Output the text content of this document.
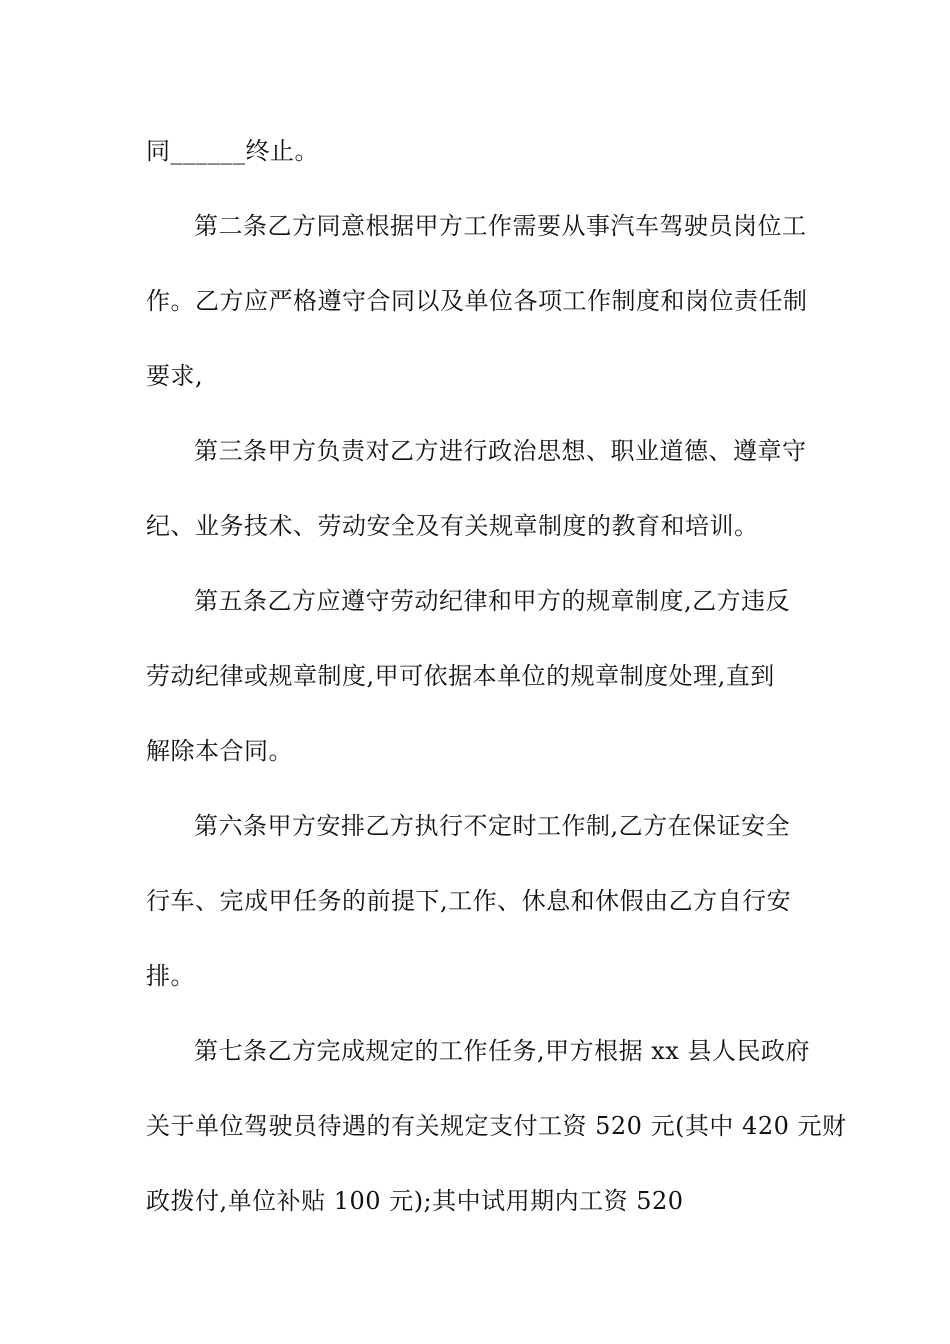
同______终止。
第二条乙方同意根据甲方工作需要从事汽车驾驶员岗位工
作。乙方应严格遵守合同以及单位各项工作制度和岗位责任制
要求,
第三条甲方负责对乙方进行政治思想、职业道德、遵章守
纪、业务技术、劳动安全及有关规章制度的教育和培训。
第五条乙方应遵守劳动纪律和甲方的规章制度,乙方违反
劳动纪律或规章制度,甲可依据本单位的规章制度处理,直到
解除本合同。
第六条甲方安排乙方执行不定时工作制,乙方在保证安全
行车、完成甲任务的前提下,工作、休息和休假由乙方自行安
排。
第七条乙方完成规定的工作任务,甲方根据 xx 县人民政府
关于单位驾驶员待遇的有关规定支付工资 520 元(其中 420 元财
政拨付,单位补贴 100 元);其中试用期内工资 520
